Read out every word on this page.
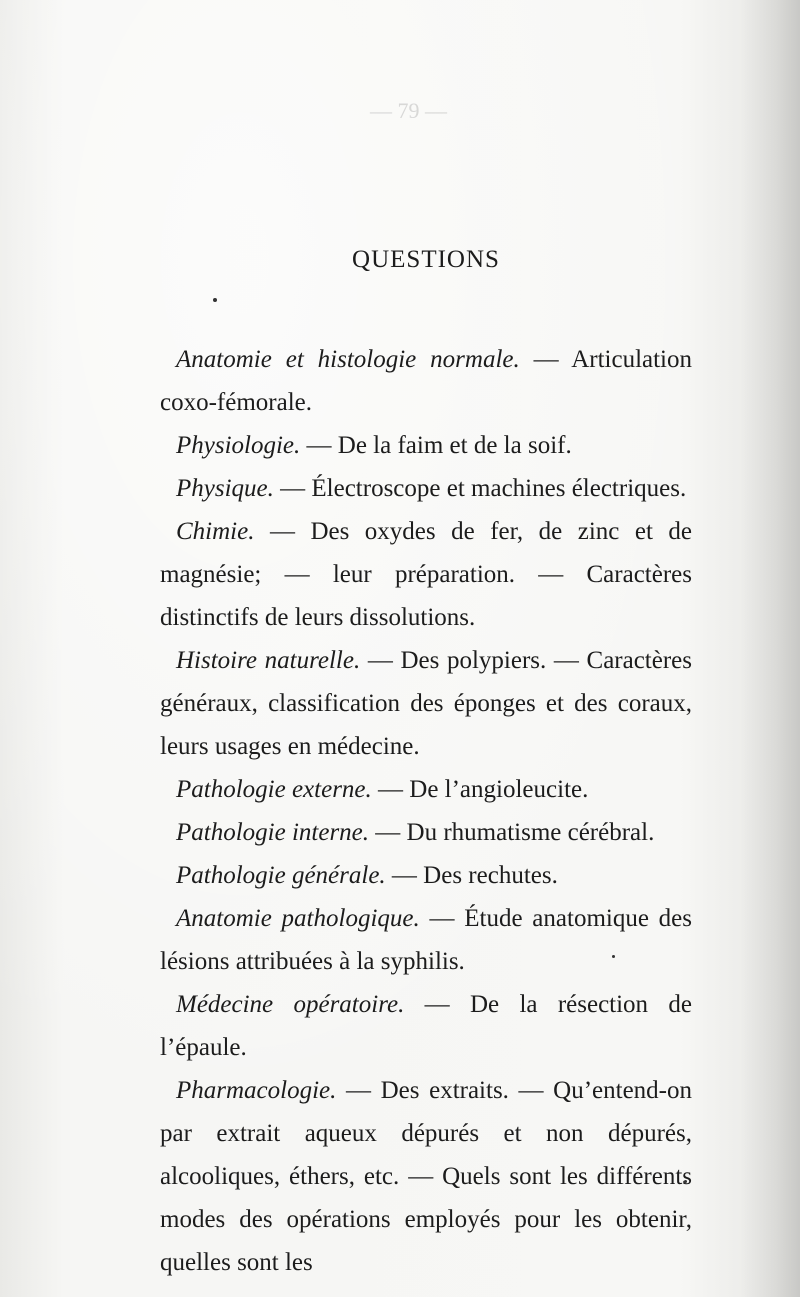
— 79 —
QUESTIONS

Anatomie et histologie normale. — Articulation coxo-fémorale.

Physiologie. — De la faim et de la soif.

Physique. — Électroscope et machines électriques.

Chimie. — Des oxydes de fer, de zinc et de magnésie; — leur préparation. — Caractères distinctifs de leurs dissolutions.

Histoire naturelle. — Des polypiers. — Caractères généraux, classification des éponges et des coraux, leurs usages en médecine.

Pathologie externe. — De l’angioleucite.

Pathologie interne. — Du rhumatisme cérébral.

Pathologie générale. — Des rechutes.

Anatomie pathologique. — Étude anatomique des lésions attribuées à la syphilis.

Médecine opératoire. — De la résection de l’épaule.

Pharmacologie. — Des extraits. — Qu’entend-on par extrait aqueux dépurés et non dépurés, alcooliques, éthers, etc. — Quels sont les différents modes des opérations employés pour les obtenir, quelles sont les
